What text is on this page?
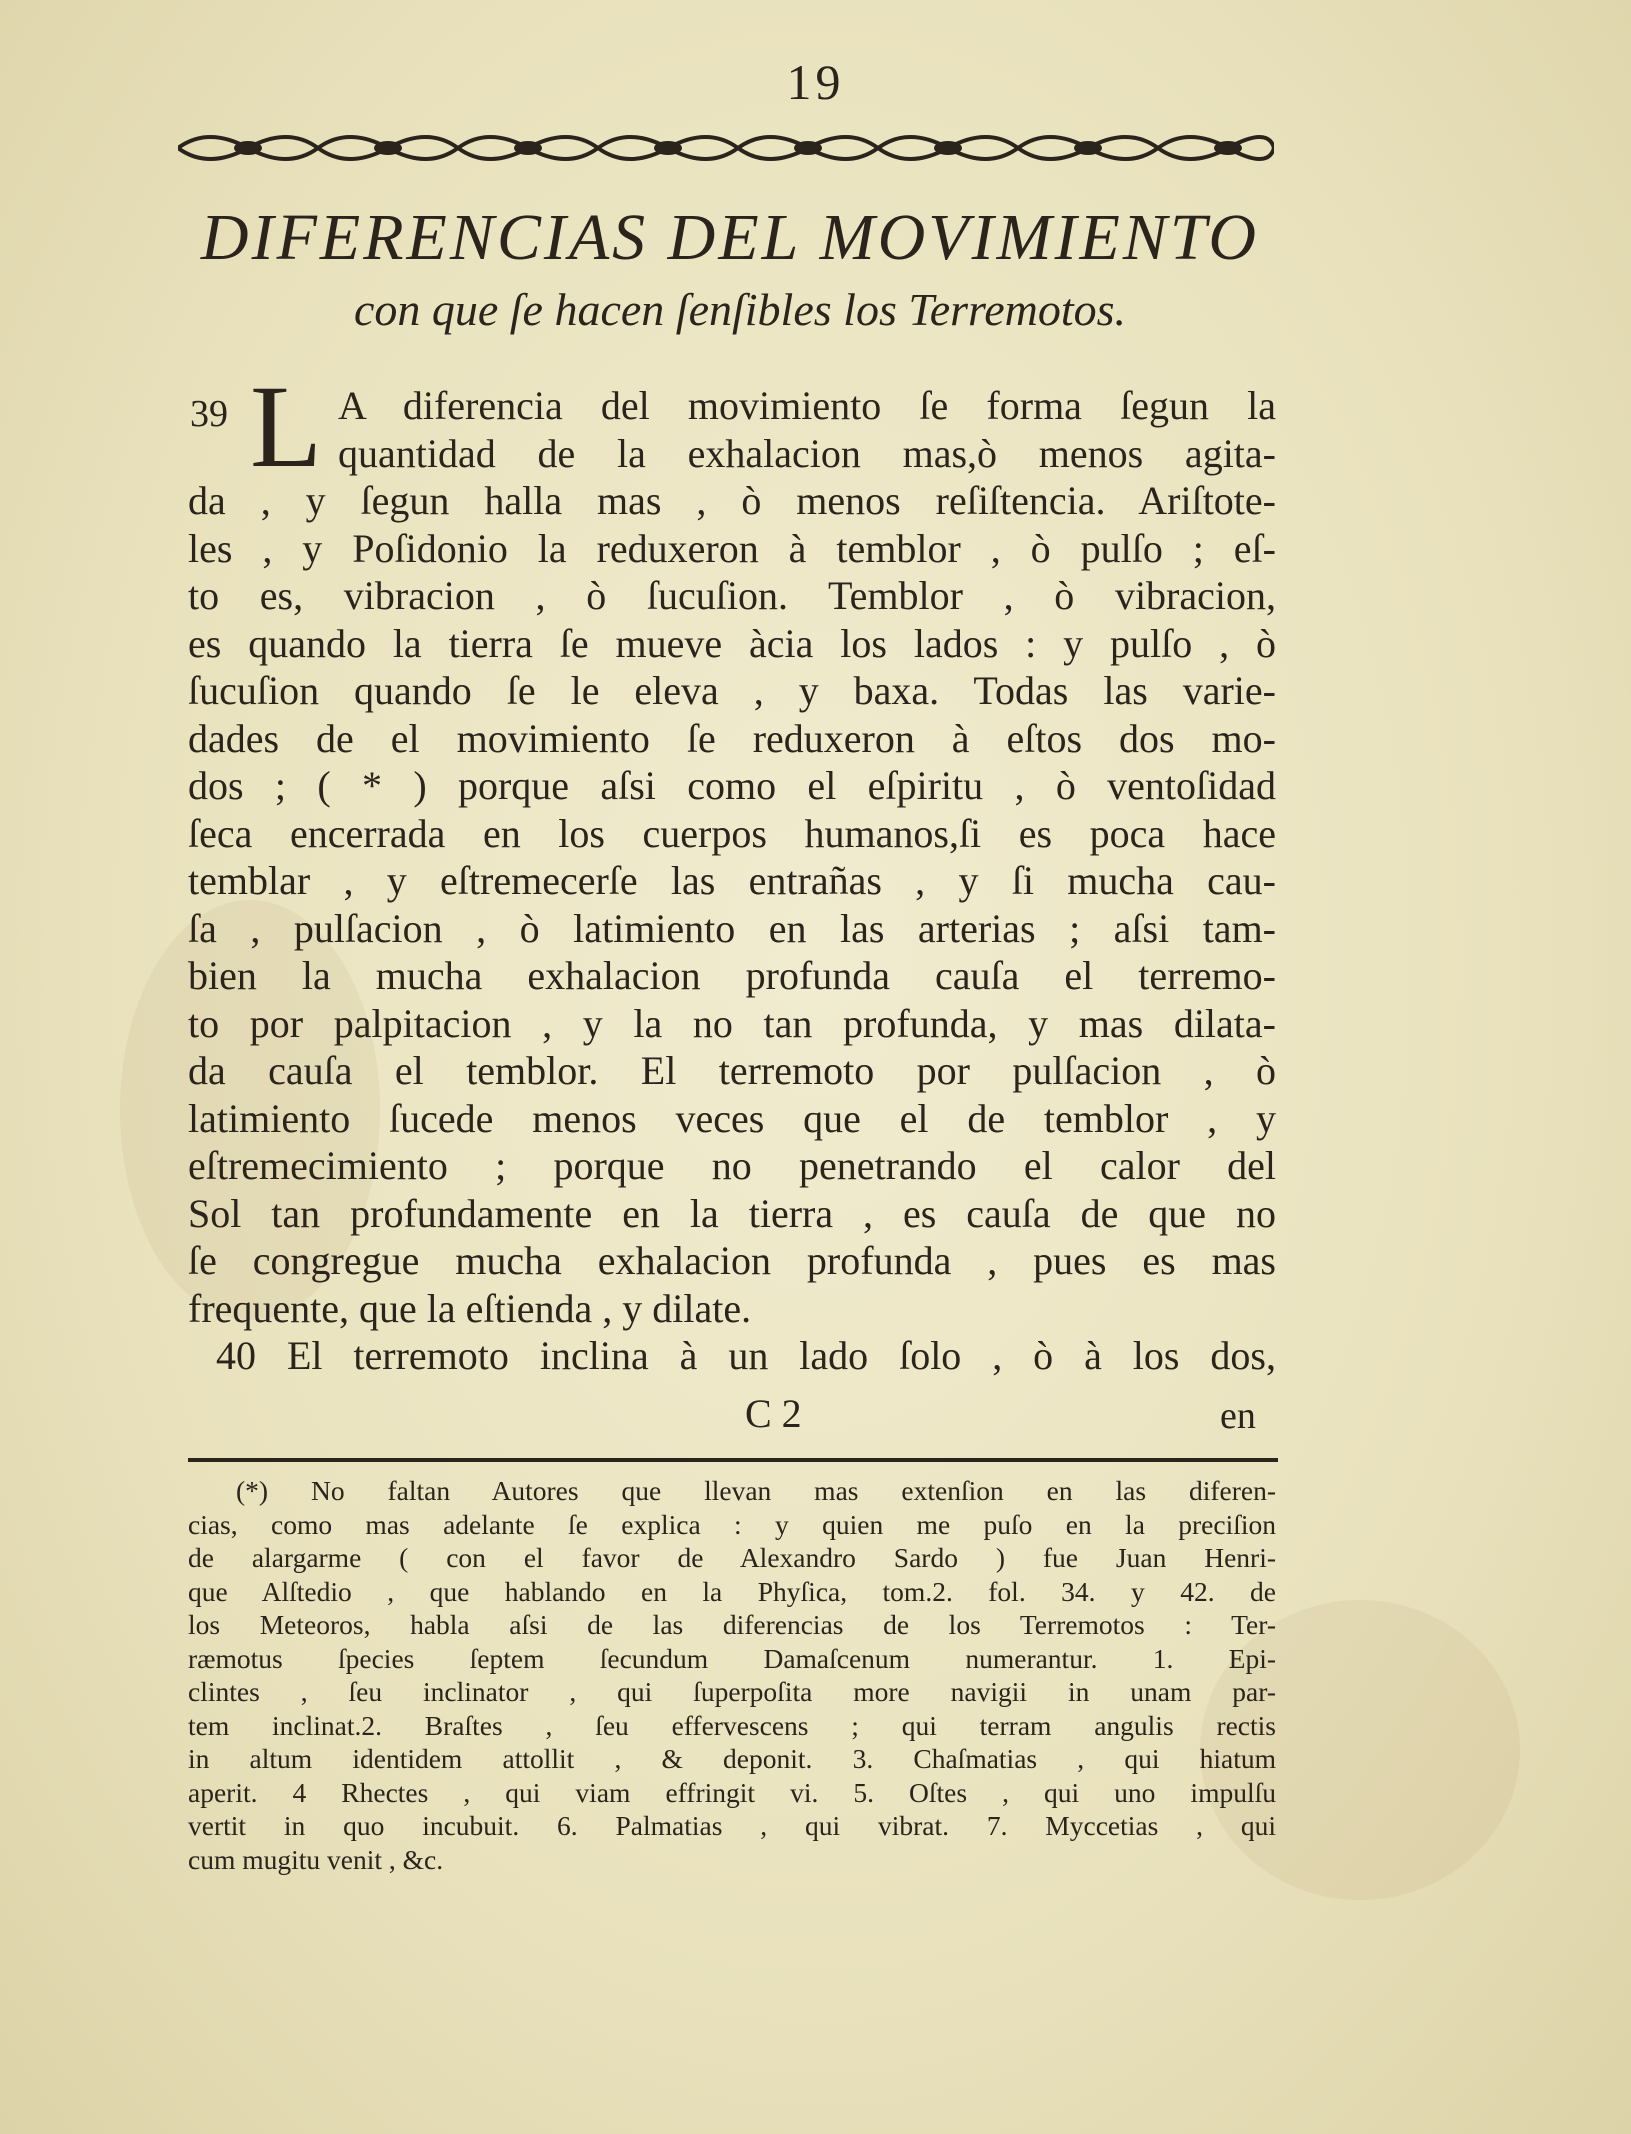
19
DIFERENCIAS DEL MOVIMIENTO
con que ſe hacen ſenſibles los Terremotos.
39 L A diferencia del movimiento ſe forma ſegun la
quantidad de la exhalacion mas,ò menos agita-
da , y ſegun halla mas , ò menos reſiſtencia. Ariſtote-
les , y Poſidonio la reduxeron à temblor , ò pulſo ; eſ-
to es, vibracion , ò ſucuſion. Temblor , ò vibracion,
es quando la tierra ſe mueve àcia los lados : y pulſo , ò
ſucuſion quando ſe le eleva , y baxa. Todas las varie-
dades de el movimiento ſe reduxeron à eſtos dos mo-
dos ; ( * ) porque aſsi como el eſpiritu , ò ventoſidad
ſeca encerrada en los cuerpos humanos,ſi es poca hace
temblar , y eſtremecerſe las entrañas , y ſi mucha cau-
ſa , pulſacion , ò latimiento en las arterias ; aſsi tam-
bien la mucha exhalacion profunda cauſa el terremo-
to por palpitacion , y la no tan profunda, y mas dilata-
da cauſa el temblor. El terremoto por pulſacion , ò
latimiento ſucede menos veces que el de temblor , y
eſtremecimiento ; porque no penetrando el calor del
Sol tan profundamente en la tierra , es cauſa de que no
ſe congregue mucha exhalacion profunda , pues es mas
frequente, que la eſtienda , y dilate.
40 El terremoto inclina à un lado ſolo , ò à los dos,
C 2	en
(*) No faltan Autores que llevan mas extenſion en las diferen-
cias, como mas adelante ſe explica : y quien me puſo en la preciſion
de alargarme ( con el favor de Alexandro Sardo ) fue Juan Henri-
que Alſtedio , que hablando en la Phyſica, tom.2. fol. 34. y 42. de
los Meteoros, habla aſsi de las diferencias de los Terremotos : Ter-
ræmotus ſpecies ſeptem ſecundum Damaſcenum numerantur. 1. Epi-
clintes , ſeu inclinator , qui ſuperpoſita more navigii in unam par-
tem inclinat.2. Braſtes , ſeu effervescens ; qui terram angulis rectis
in altum identidem attollit , & deponit. 3. Chaſmatias , qui hiatum
aperit. 4 Rhectes , qui viam effringit vi. 5. Oſtes , qui uno impulſu
vertit in quo incubuit. 6. Palmatias , qui vibrat. 7. Myccetias , qui
cum mugitu venit , &c.
